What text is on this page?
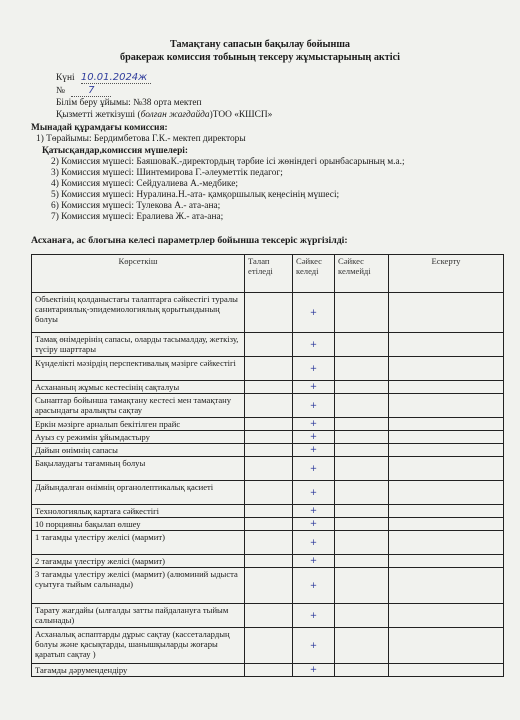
Тамақтану сапасын бақылау бойынша
бракераж комиссия тобының тексеру жұмыстарының актісі
Күні 10.01.2024ж
№ 7
Білім беру ұйымы: №38 орта мектеп
Қызметті жеткізуші (болған жағдайда)ТОО «КШСП»
Мынадай құрамдағы комиссия:
1) Төрайымы: Бердимбетова Г.К.- мектеп директоры
Қатысқандар,комиссия мүшелері:
2) Комиссия мүшесі: БаяшоваК.-директордың тәрбие ісі жөніндегі орынбасарының м.а.;
3) Комиссия мүшесі: Шинтемирова Г.-әлеуметтік педагог;
4) Комиссия мүшесі: Сейдуалиева А.-медбике;
5) Комиссия мүшесі: Нуралина.Н.-ата- қамқоршылық кеңесінің мүшесі;
6) Комиссия мүшесі: Тулекова А.- ата-ана;
7) Комиссия мүшесі: Ералиева Ж.- ата-ана;
Асханаға, ас блогына келесі параметрлер бойынша тексеріс жүргізілді:
Көрсеткіш	Талап етіледі	Сәйкес келеді	Сәйкес келмейді	Ескерту
Объектінің қолданыстағы талаптарға сәйкестігі туралы санитариялық-эпидемиологиялық қорытындының болуы		+		
Тамақ өнімдерінің сапасы, оларды тасымалдау, жеткізу, түсіру шарттары		+		
Күнделікті мәзірдің перспективалық мәзірге сәйкестігі		+		
Асхананың жұмыс кестесінің сақталуы		+		
Сынаптар бойынша тамақтану кестесі мен тамақтану арасындағы аралықты сақтау		+		
Еркін мәзірге арналып бекітілген прайс		+		
Ауыз су режимін ұйымдастыру		+		
Дайын өнімнің сапасы		+		
Бақылаудағы тағамның болуы		+		
Дайындалған өнімнің органолептикалық қасиеті		+		
Технологиялық картаға сәйкестігі		+		
10 порцияны бақылап өлшеу		+		
1 тағамды үлестіру желісі (мармит)		+		
2 тағамды үлестіру желісі (мармит)		+		
3 тағамды үлестіру желісі (мармит) (алюминий ыдыста суытуға тыйым салынады)		+		
Тарату жағдайы (ылғалды затты пайдалануға тыйым салынады)		+		
Асханалық аспаптарды дұрыс сақтау (кассеталардың болуы және қасықтарды, шанышқыларды жоғары қаратып сақтау )		+		
Тағамды дәрумендендіру		+		
